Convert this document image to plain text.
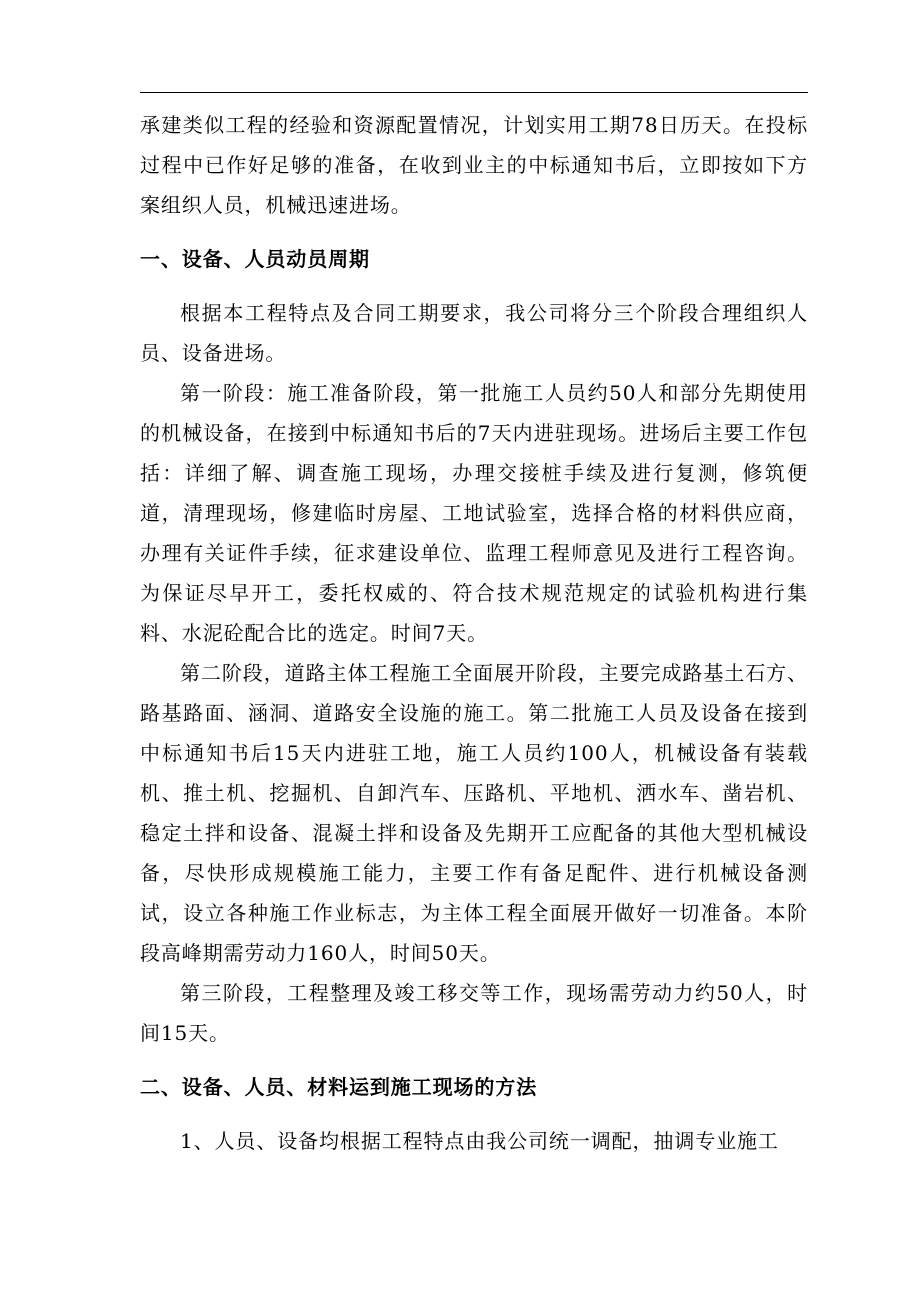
承建类似工程的经验和资源配置情况，计划实用工期78日历天。在投标过程中已作好足够的准备，在收到业主的中标通知书后，立即按如下方案组织人员，机械迅速进场。

一、设备、人员动员周期

根据本工程特点及合同工期要求，我公司将分三个阶段合理组织人员、设备进场。

第一阶段：施工准备阶段，第一批施工人员约50人和部分先期使用的机械设备，在接到中标通知书后的7天内进驻现场。进场后主要工作包括：详细了解、调查施工现场，办理交接桩手续及进行复测，修筑便道，清理现场，修建临时房屋、工地试验室，选择合格的材料供应商，办理有关证件手续，征求建设单位、监理工程师意见及进行工程咨询。为保证尽早开工，委托权威的、符合技术规范规定的试验机构进行集料、水泥砼配合比的选定。时间7天。

第二阶段，道路主体工程施工全面展开阶段，主要完成路基土石方、路基路面、涵洞、道路安全设施的施工。第二批施工人员及设备在接到中标通知书后15天内进驻工地，施工人员约100人，机械设备有装载机、推土机、挖掘机、自卸汽车、压路机、平地机、洒水车、凿岩机、稳定土拌和设备、混凝土拌和设备及先期开工应配备的其他大型机械设备，尽快形成规模施工能力，主要工作有备足配件、进行机械设备测试，设立各种施工作业标志，为主体工程全面展开做好一切准备。本阶段高峰期需劳动力160人，时间50天。

第三阶段，工程整理及竣工移交等工作，现场需劳动力约50人，时间15天。

二、设备、人员、材料运到施工现场的方法

1、人员、设备均根据工程特点由我公司统一调配，抽调专业施工
